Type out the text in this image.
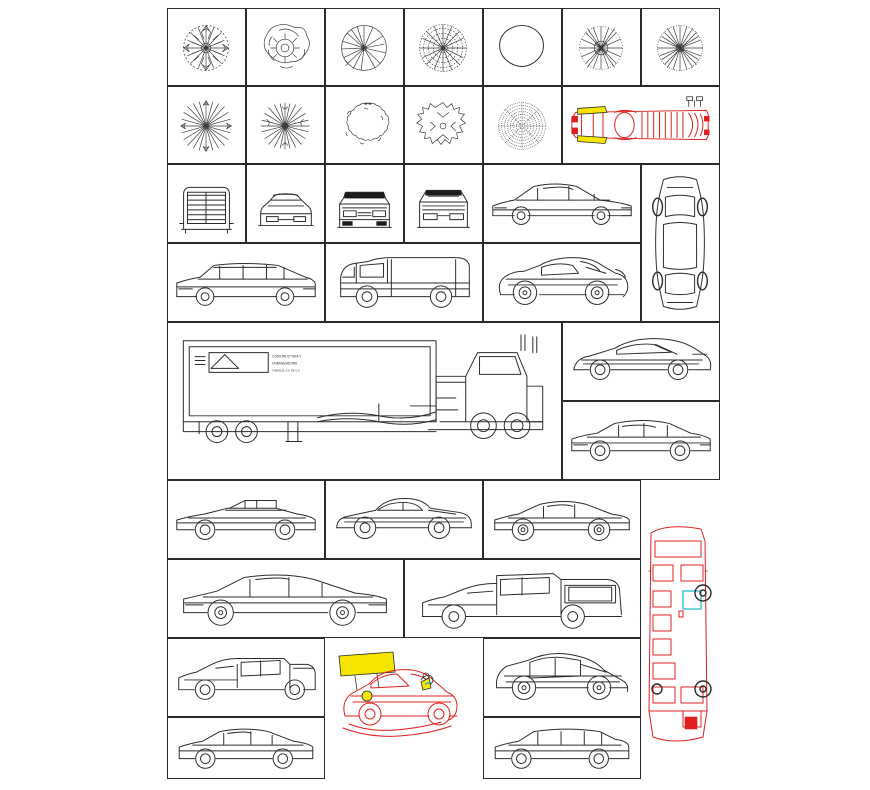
CONSTRUCTORA Y
URBANIZADORA
TABASCO, S.A. DE C.V.
